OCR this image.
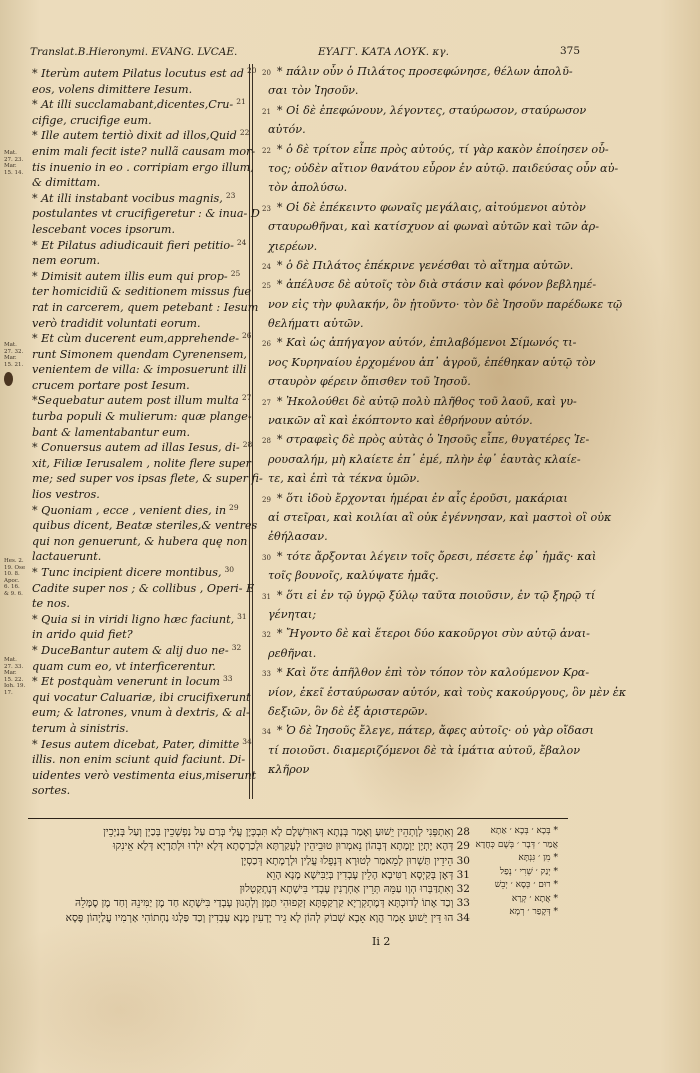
Translat.B.Hieronymi. EVANG. LVCAE.	ΕΥΑΓΓ. ΚΑΤΑ ΛΟΥΚ. κγ.	375
Mat. 27. 23. Mar. 15. 14.
Mat. 27. 32. Mar. 15. 21.
Hes. 2. 19. Ose 10. 8. Apoc. 6. 16. & 9. 6.
Mat. 27. 33. Mar. 15. 22. Ioh. 19. 17.
* Iterùm autem Pilatus locutus est ad $^{20}$
eos, volens dimittere Iesum.
* At illi succlamabant,dicentes,Cru- $^{21}$
cifige, crucifige eum.
* Ille autem tertiò dixit ad illos,Quid $^{22}$
enim mali fecit iste? nullã causam mor-
tis inuenio in eo . corripiam ergo illum,
& dimittam.
* At illi instabant vocibus magnis, $^{23}$
postulantes vt crucifigeretur : & inua- D
lescebant voces ipsorum.
* Et Pilatus adiudicauit fieri petitio- $^{24}$
nem eorum.
* Dimisit autem illis eum qui prop- $^{25}$
ter homicidiũ & seditionem missus fue
rat in carcerem, quem petebant : Iesum
verò tradidit voluntati eorum.
* Et cùm ducerent eum,apprehende- $^{26}$
runt Simonem quendam Cyrenensem,
venientem de villa: & imposuerunt illi
crucem portare post Iesum.
*Sequebatur autem post illum multa $^{27}$
turba populi & mulierum: quæ plange-
bant & lamentabantur eum.
* Conuersus autem ad illas Iesus, di- $^{28}$
xit, Filiæ Ierusalem , nolite flere super
me; sed super vos ipsas flete, & super fi-
lios vestros.
* Quoniam , ecce , venient dies, in $^{29}$
quibus dicent, Beatæ steriles,& ventres
qui non genuerunt, & hubera quę non
lactauerunt.
* Tunc incipient dicere montibus, $^{30}$
Cadite super nos ; & collibus , Operi- E
te nos.
* Quia si in viridi ligno hæc faciunt, $^{31}$
in arido quid fiet?
* DuceBantur autem & alij duo ne- $^{32}$
quam cum eo, vt interficerentur.
* Et postquàm venerunt in locum $^{33}$
qui vocatur Caluariæ, ibi crucifixerunt
eum; & latrones, vnum à dextris, & al-
terum à sinistris.
* Iesus autem dicebat, Pater, dimitte $^{34}$
illis. non enim sciunt quid faciunt. Di-
uidentes verò vestimenta eius,miserunt
sortes.
20 * πάλιν οὖν ὁ Πιλάτος προσεφώνησε, θέλων ἀπολῦ-
σαι τὸν Ἰησοῦν.
21 * Οἱ δὲ ἐπεφώνουν, λέγοντες, σταύρωσον, σταύρωσον
αὐτόν.
22 * ὁ δὲ τρίτον εἶπε πρὸς αὐτούς, τί γὰρ κακὸν ἐποίησεν οὗ-
τος; οὐδὲν αἴτιον θανάτου εὗρον ἐν αὐτῷ. παιδεύσας οὖν αὐ-
τὸν ἀπολύσω.
23 * Οἱ δὲ ἐπέκειντο φωναῖς μεγάλαις, αἰτούμενοι αὐτὸν
σταυρωθῆναι, καὶ κατίσχυον αἱ φωναὶ αὐτῶν καὶ τῶν ἀρ-
χιερέων.
24 * ὁ δὲ Πιλάτος ἐπέκρινε γενέσθαι τὸ αἴτημα αὐτῶν.
25 * ἀπέλυσε δὲ αὐτοῖς τὸν διὰ στάσιν καὶ φόνον βεβλημέ-
νον εἰς τὴν φυλακήν, ὃν ᾐτοῦντο· τὸν δὲ Ἰησοῦν παρέδωκε τῷ
θελήματι αὐτῶν.
26 * Καὶ ὡς ἀπήγαγον αὐτόν, ἐπιλαβόμενοι Σίμωνός τι-
νος Κυρηναίου ἐρχομένου ἀπ᾽ ἀγροῦ, ἐπέθηκαν αὐτῷ τὸν
σταυρὸν φέρειν ὄπισθεν τοῦ Ἰησοῦ.
27 * Ἠκολούθει δὲ αὐτῷ πολὺ πλῆθος τοῦ λαοῦ, καὶ γυ-
ναικῶν αἳ καὶ ἐκόπτοντο καὶ ἐθρήνουν αὐτόν.
28 * στραφεὶς δὲ πρὸς αὐτὰς ὁ Ἰησοῦς εἶπε, θυγατέρες Ἱε-
ρουσαλήμ, μὴ κλαίετε ἐπ᾽ ἐμέ, πλὴν ἐφ᾽ ἑαυτὰς κλαίε-
τε, καὶ ἐπὶ τὰ τέκνα ὑμῶν.
29 * ὅτι ἰδοὺ ἔρχονται ἡμέραι ἐν αἷς ἐροῦσι, μακάριαι
αἱ στεῖραι, καὶ κοιλίαι αἳ οὐκ ἐγέννησαν, καὶ μαστοὶ οἳ οὐκ
ἐθήλασαν.
30 * τότε ἄρξονται λέγειν τοῖς ὄρεσι, πέσετε ἐφ᾽ ἡμᾶς· καὶ
τοῖς βουνοῖς, καλύψατε ἡμᾶς.
31 * ὅτι εἰ ἐν τῷ ὑγρῷ ξύλῳ ταῦτα ποιοῦσιν, ἐν τῷ ξηρῷ τί
γένηται;
32 * Ἤγοντο δὲ καὶ ἕτεροι δύο κακοῦργοι σὺν αὐτῷ ἀναι-
ρεθῆναι.
33 * Καὶ ὅτε ἀπῆλθον ἐπὶ τὸν τόπον τὸν καλούμενον Κρα-
νίον, ἐκεῖ ἐσταύρωσαν αὐτόν, καὶ τοὺς κακούργους, ὃν μὲν ἐκ
δεξιῶν, ὃν δὲ ἐξ ἀριστερῶν.
34 * Ὁ δὲ Ἰησοῦς ἔλεγε, πάτερ, ἄφες αὐτοῖς· οὐ γὰρ οἴδασι
τί ποιοῦσι. διαμεριζόμενοι δὲ τὰ ἱμάτια αὐτοῦ, ἔβαλον
κλῆρον
28 וְאִתְפְּנִי לְוָתְהֵין יֵשׁוּעַ וְאֶמַר בְּנָתָא דְּאוּרִשְׁלֶם לָא תִּבְכְּיָן עֲלַי בְּרַם עַל נַפְשְׁכֵין בְּכַיְן וְעַל בְּנַיְכֵין
29 דְּהָא יָתְיָן יַוְמָתָא דְּבְהוֹן נֵאמְרוּן טוּבֵיהֵין לְעָקַרְתָּא וּלְכַרְסָתָא דְּלָא יִלְדוּ וּלְתַדְיָא דְּלָא אֵינִקוּ
30 הֵידֵין תַּשְׁרוּן לְמֵאמַר לְטוּרָא דְּנְפֻלוּ עֲלַין וּלְרָמָתָא דְּכַסְיָן
31 דְּאֶן בְּקַיְסָא רַטִּיבָא הָלֵין עָבְדִין בְּיַבִּישָׁא מָנָא הָוֵא
32 וְאִתְדַּבְּרוּ הְוָו עַמֵּהּ תְּרֵין אַחְרָנִין עָבְדַי בִּישָׁתָא דְּנֶתְקַטְלוּן
33 וְכַד אֶתוֹ לְדוּכְתָּא דְּמֶתְקְרְיָא קַרְקַפְתָּא זְקַפוּהִי תַמָּן וְלְהָנוּן עָבְדַי בִּישָׁתָא חַד מֶן יַמִּינֵהּ וְחַד מֶן סֶמָּלֵהּ
34 הוּ דֵּין יֵשׁוּעַ אָמַר הֲוָא אָבָא שְׁבוֹק לְהוֹן לָא גֵיר יָדְעִין מָנָא עָבְדִין וְכַד פַּלְגוּ נַחְתוֹהִי אַרְמִיו עֲלַיְהוֹן פֶּסָא
* בְּכָא ׳ בְּכֶא ׳ אַתָא
אֲמַר ׳ דְּבָר ׳ בְּשֶׁם כְּחֲדָא
* מִן ׳ גִּנְתָּא
* יְנַק ׳ שְׁרִי ׳ נְפַל
* רוּם ׳ כְּסָא ׳ יְבֵשׁ
* אֲתָא ׳ קְרָא
* דְּקָפַר ׳ רְמָא
Ii 2
